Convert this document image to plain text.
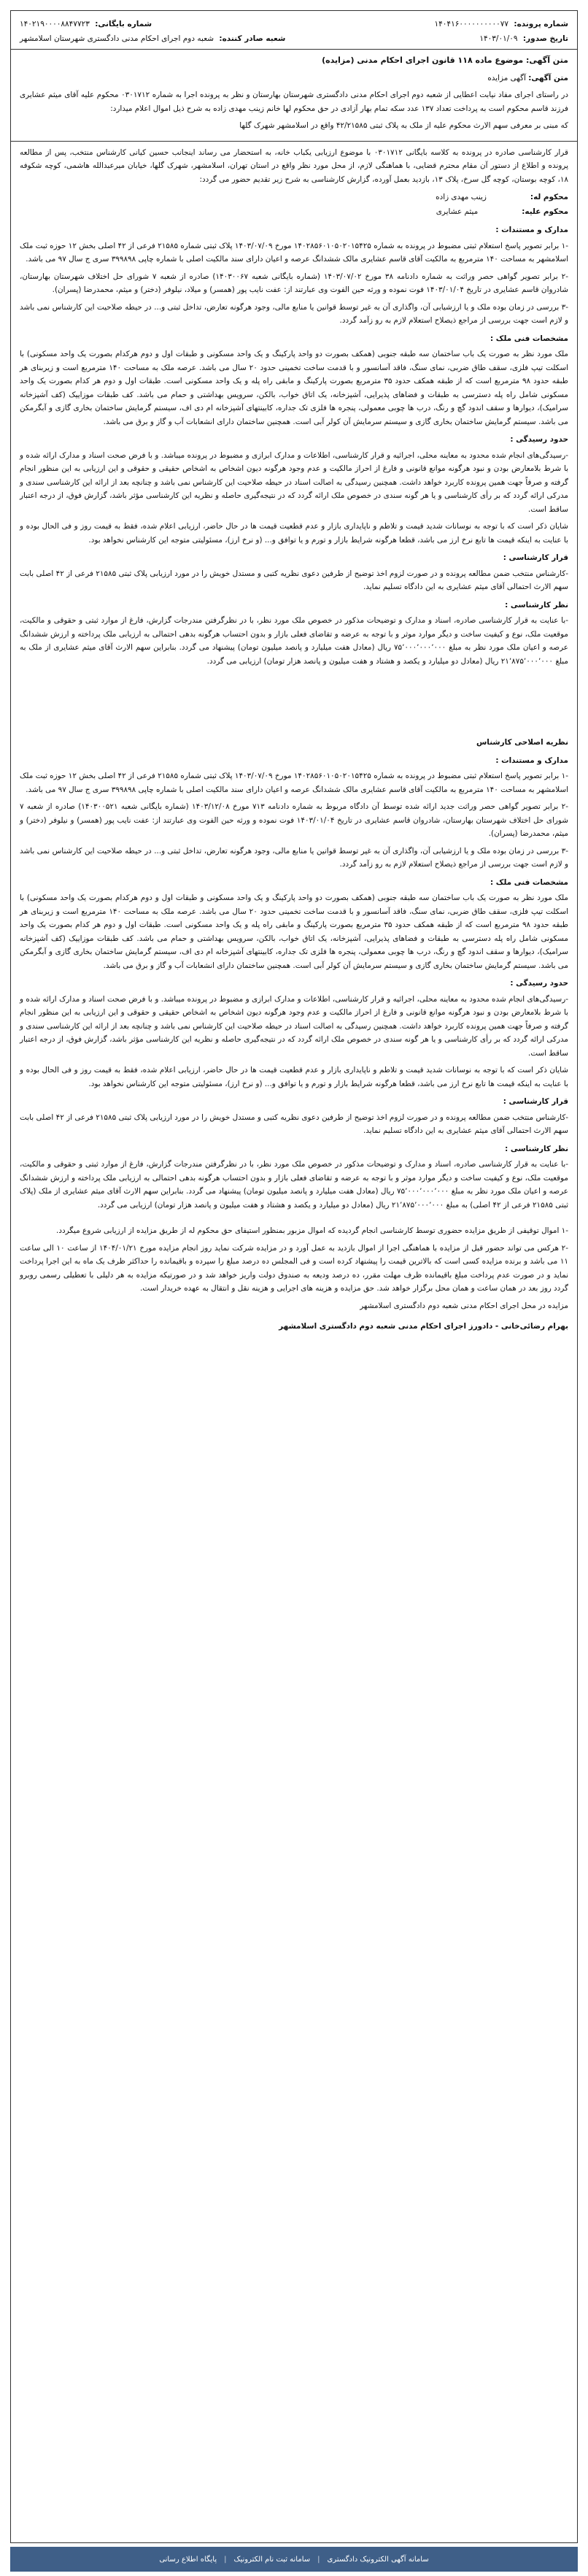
شماره پرونده: ۱۴۰۴۱۶۰۰۰۰۰۰۰۰۰۰۷۷
شماره بایگانی: ۱۴۰۲۱۹۰۰۰۰۸۸۴۷۷۲۳
تاریخ صدور: ۱۴۰۳/۰۱/۰۹
شعبه صادر کننده: شعبه دوم اجرای احکام مدنی دادگستری شهرستان اسلامشهر

متن آگهی: موضوع ماده ۱۱۸ قانون اجرای احکام مدنی (مزایده)

متن آگهی: آگهی مزایده

در راستای اجرای مفاد نیابت اعطایی از شعبه دوم اجرای احکام مدنی دادگستری شهرستان بهارستان و نظر به پرونده اجرا به شماره ۰۳۰۱۷۱۲ محکوم علیه آقای میثم عشایری فرزند قاسم محکوم است به پرداخت تعداد ۱۳۷ عدد سکه تمام بهار آزادی در حق محکوم لها خانم زینب مهدی زاده به شرح ذیل اموال اعلام میدارد:

که مبنی بر معرفی سهم الارث محکوم علیه از ملک به پلاک ثبتی ۴۲/۲۱۵۸۵ واقع در اسلامشهر شهرک گلها

قرار کارشناسی صادره در پرونده به کلاسه بایگانی ۰۳۰۱۷۱۲ با موضوع ارزیابی یکباب خانه، به استحضار می رساند اینجانب حسین کیانی کارشناس منتخب، پس از مطالعه پرونده و اطلاع از دستور آن مقام محترم قضایی، با هماهنگی لازم، از محل مورد نظر واقع در استان تهران، اسلامشهر، شهرک گلها، خیابان میرعبدالله هاشمی، کوچه شکوفه ۱۸، کوچه بوستان، کوچه گل سرخ، پلاک ۱۳، بازدید بعمل آورده، گزارش کارشناسی به شرح زیر تقدیم حضور می گردد:

محکوم له:
زینب مهدی زاده
محکوم علیه:
میثم عشایری
مدارک و مستندات :

-۱ برابر تصویر پاسخ استعلام ثبتی مضبوط در پرونده به شماره ۱۴۰۲۸۵۶۰۱۰۵۰۲۰۱۵۴۲۵ مورخ ۱۴۰۳/۰۷/۰۹ پلاک ثبتی شماره ۲۱۵۸۵ فرعی از ۴۲ اصلی بخش ۱۲ حوزه ثبت ملک اسلامشهر به مساحت ۱۴۰ مترمربع به مالکیت آقای قاسم عشایری مالک ششدانگ عرصه و اعیان دارای سند مالکیت اصلی با شماره چاپی ۳۹۹۸۹۸ سری ج سال ۹۷ می باشد.

-۲ برابر تصویر گواهی حصر وراثت به شماره دادنامه ۳۸ مورخ ۱۴۰۳/۰۷/۰۲ (شماره بایگانی شعبه ۱۴۰۳۰۰۶۷) صادره از شعبه ۷ شورای حل اختلاف شهرستان بهارستان، شادروان قاسم عشایری در تاریخ ۱۴۰۳/۰۱/۰۴ فوت نموده و ورثه حین الفوت وی عبارتند از: عفت نایب پور (همسر) و میلاد، نیلوفر (دختر) و میثم، محمدرضا (پسران).

-۳ بررسی در زمان بوده ملک و یا ارزشیابی آن، واگذاری آن به غیر توسط قوانین یا منابع مالی، وجود هرگونه تعارض، تداخل ثبتی و... در حیطه صلاحیت این کارشناس نمی باشد و لازم است جهت بررسی از مراجع ذیصلاح استعلام لازم به رو زآمد گردد.

مشخصات فنی ملک :

ملک مورد نظر به صورت یک باب ساختمان سه طبقه جنوبی (همکف بصورت دو واحد پارکینگ و یک واحد مسکونی و طبقات اول و دوم هرکدام بصورت یک واحد مسکونی) با اسکلت تیپ فلزی، سقف طاق ضربی، نمای سنگ، فاقد آسانسور و با قدمت ساخت تخمینی حدود ۲۰ سال می باشد. عرصه ملک به مساحت ۱۴۰ مترمربع است و زیربنای هر طبقه حدود ۹۸ مترمربع است که از طبقه همکف حدود ۳۵ مترمربع بصورت پارکینگ و مابقی راه پله و یک واحد مسکونی است. طبقات اول و دوم هر کدام بصورت یک واحد مسکونی شامل راه پله دسترسی به طبقات و فضاهای پذیرایی، آشپزخانه، یک اتاق خواب، بالکن، سرویس بهداشتی و حمام می باشد. کف طبقات موزاییک (کف آشپزخانه سرامیک)، دیوارها و سقف اندود گچ و رنگ، درب ها چوبی معمولی، پنجره ها فلزی تک جداره، کابینتهای آشپزخانه ام دی اف، سیستم گرمایش ساختمان بخاری گازی و آبگرمکن می باشد. سیستم گرمایش ساختمان بخاری گازی و سیستم سرمایش آن کولر آبی است. همچنین ساختمان دارای انشعابات آب و گاز و برق می باشد.

حدود رسیدگی :

-رسیدگی‌های انجام شده محدود به معاینه محلی، اجرائیه و قرار کارشناسی، اطلاعات و مدارک ابرازی و مضبوط در پرونده میباشد. و با فرض صحت اسناد و مدارک ارائه شده و با شرط بلامعارض بودن و نبود هرگونه موانع قانونی و فارغ از احراز مالکیت و عدم وجود هرگونه دیون اشخاص به اشخاص حقیقی و حقوقی و این ارزیابی به این منظور انجام گرفته و صرفاً جهت همین پرونده کاربرد خواهد داشت. همچنین رسیدگی به اصالت اسناد در حیطه صلاحیت این کارشناس نمی باشد و چنانچه بعد از ارائه این کارشناسی سندی و مدرکی ارائه گردد که بر رأی کارشناسی و یا هر گونه سندی در خصوص ملک ارائه گردد که در نتیجه‌گیری حاصله و نظریه این کارشناسی مؤثر باشد، گزارش فوق، از درجه اعتبار ساقط است.

شایان ذکر است که با توجه به نوسانات شدید قیمت و تلاطم و ناپایداری بازار و عدم قطعیت قیمت ها در حال حاضر، ارزیابی اعلام شده، فقط به قیمت روز و فی الحال بوده و با عنایت به اینکه قیمت ها تابع نرخ ارز می باشد، قطعا هرگونه شرایط بازار و تورم و یا توافق و... (و نرخ ارز)، مسئولیتی متوجه این کارشناس نخواهد بود.

قرار کارشناسی :

-کارشناس منتخب ضمن مطالعه پرونده و در صورت لزوم اخذ توضیح از طرفین دعوی نظریه کتبی و مستدل خویش را در مورد ارزیابی پلاک ثبتی ۲۱۵۸۵ فرعی از ۴۲ اصلی بابت سهم الارث احتمالی آقای میثم عشایری به این دادگاه تسلیم نماید.

نظر کارشناسی :

-با عنایت به قرار کارشناسی صادره، اسناد و مدارک و توضیحات مذکور در خصوص ملک مورد نظر، با در نظرگرفتن مندرجات گزارش، فارغ از موارد ثبتی و حقوقی و مالکیت، موقعیت ملک، نوع و کیفیت ساخت و دیگر موارد موثر و با توجه به عرضه و تقاضای فعلی بازار و بدون احتساب هرگونه بدهی احتمالی به ارزیابی ملک پرداخته و ارزش ششدانگ عرصه و اعیان ملک مورد نظر به مبلغ ۷۵٬۰۰۰٬۰۰۰٬۰۰۰ ریال (معادل هفت میلیارد و پانصد میلیون تومان) پیشنهاد می گردد. بنابراین سهم الارث آقای میثم عشایری از ملک به مبلغ ۲۱٬۸۷۵٬۰۰۰٬۰۰۰ ریال (معادل دو میلیارد و یکصد و هشتاد و هفت میلیون و پانصد هزار تومان) ارزیابی می گردد.

نظریه اصلاحی کارشناس
مدارک و مستندات :

-۱ برابر تصویر پاسخ استعلام ثبتی مضبوط در پرونده به شماره ۱۴۰۲۸۵۶۰۱۰۵۰۲۰۱۵۴۲۵ مورخ ۱۴۰۳/۰۷/۰۹ پلاک ثبتی شماره ۲۱۵۸۵ فرعی از ۴۲ اصلی بخش ۱۲ حوزه ثبت ملک اسلامشهر به مساحت ۱۴۰ مترمربع به مالکیت آقای قاسم عشایری مالک ششدانگ عرصه و اعیان دارای سند مالکیت اصلی با شماره چاپی ۳۹۹۸۹۸ سری ج سال ۹۷ می باشد.

-۲ برابر تصویر گواهی حصر وراثت جدید ارائه شده توسط آن دادگاه مربوط به شماره دادنامه ۷۱۳ مورخ ۱۴۰۳/۱۲/۰۸ (شماره بایگانی شعبه ۱۴۰۳۰۰۵۲۱) صادره از شعبه ۷ شورای حل اختلاف شهرستان بهارستان، شادروان قاسم عشایری در تاریخ ۱۴۰۳/۰۱/۰۴ فوت نموده و ورثه حین الفوت وی عبارتند از: عفت نایب پور (همسر) و نیلوفر (دختر) و میثم، محمدرضا (پسران).

-۳ بررسی در زمان بوده ملک و یا ارزشیابی آن، واگذاری آن به غیر توسط قوانین یا منابع مالی، وجود هرگونه تعارض، تداخل ثبتی و... در حیطه صلاحیت این کارشناس نمی باشد و لازم است جهت بررسی از مراجع ذیصلاح استعلام لازم به رو زآمد گردد.

مشخصات فنی ملک :

ملک مورد نظر به صورت یک باب ساختمان سه طبقه جنوبی (همکف بصورت دو واحد پارکینگ و یک واحد مسکونی و طبقات اول و دوم هرکدام بصورت یک واحد مسکونی) با اسکلت تیپ فلزی، سقف طاق ضربی، نمای سنگ، فاقد آسانسور و با قدمت ساخت تخمینی حدود ۲۰ سال می باشد. عرصه ملک به مساحت ۱۴۰ مترمربع است و زیربنای هر طبقه حدود ۹۸ مترمربع است که از طبقه همکف حدود ۳۵ مترمربع بصورت پارکینگ و مابقی راه پله و یک واحد مسکونی است. طبقات اول و دوم هر کدام بصورت یک واحد مسکونی شامل راه پله دسترسی به طبقات و فضاهای پذیرایی، آشپزخانه، یک اتاق خواب، بالکن، سرویس بهداشتی و حمام می باشد. کف طبقات موزاییک (کف آشپزخانه سرامیک)، دیوارها و سقف اندود گچ و رنگ، درب ها چوبی معمولی، پنجره ها فلزی تک جداره، کابینتهای آشپزخانه ام دی اف، سیستم گرمایش ساختمان بخاری گازی و آبگرمکن می باشد. سیستم گرمایش ساختمان بخاری گازی و سیستم سرمایش آن کولر آبی است. همچنین ساختمان دارای انشعابات آب و گاز و برق می باشد.

حدود رسیدگی :

-رسیدگی‌های انجام شده محدود به معاینه محلی، اجرائیه و قرار کارشناسی، اطلاعات و مدارک ابرازی و مضبوط در پرونده میباشد. و با فرض صحت اسناد و مدارک ارائه شده و با شرط بلامعارض بودن و نبود هرگونه موانع قانونی و فارغ از احراز مالکیت و عدم وجود هرگونه دیون اشخاص به اشخاص حقیقی و حقوقی و این ارزیابی به این منظور انجام گرفته و صرفاً جهت همین پرونده کاربرد خواهد داشت. همچنین رسیدگی به اصالت اسناد در حیطه صلاحیت این کارشناس نمی باشد و چنانچه بعد از ارائه این کارشناسی سندی و مدرکی ارائه گردد که بر رأی کارشناسی و یا هر گونه سندی در خصوص ملک ارائه گردد که در نتیجه‌گیری حاصله و نظریه این کارشناسی مؤثر باشد، گزارش فوق، از درجه اعتبار ساقط است.

شایان ذکر است که با توجه به نوسانات شدید قیمت و تلاطم و ناپایداری بازار و عدم قطعیت قیمت ها در حال حاضر، ارزیابی اعلام شده، فقط به قیمت روز و فی الحال بوده و با عنایت به اینکه قیمت ها تابع نرخ ارز می باشد، قطعا هرگونه شرایط بازار و تورم و یا توافق و... (و نرخ ارز)، مسئولیتی متوجه این کارشناس نخواهد بود.

قرار کارشناسی :

-کارشناس منتخب ضمن مطالعه پرونده و در صورت لزوم اخذ توضیح از طرفین دعوی نظریه کتبی و مستدل خویش را در مورد ارزیابی پلاک ثبتی ۲۱۵۸۵ فرعی از ۴۲ اصلی بابت سهم الارث احتمالی آقای میثم عشایری به این دادگاه تسلیم نماید.

نظر کارشناسی :

-با عنایت به قرار کارشناسی صادره، اسناد و مدارک و توضیحات مذکور در خصوص ملک مورد نظر، با در نظرگرفتن مندرجات گزارش، فارغ از موارد ثبتی و حقوقی و مالکیت، موقعیت ملک، نوع و کیفیت ساخت و دیگر موارد موثر و با توجه به عرضه و تقاضای فعلی بازار و بدون احتساب هرگونه بدهی احتمالی به ارزیابی ملک پرداخته و ارزش ششدانگ عرصه و اعیان ملک مورد نظر به مبلغ ۷۵٬۰۰۰٬۰۰۰٬۰۰۰ ریال (معادل هفت میلیارد و پانصد میلیون تومان) پیشنهاد می گردد. بنابراین سهم الارث آقای میثم عشایری از ملک (پلاک ثبتی ۲۱۵۸۵ فرعی از ۴۲ اصلی) به مبلغ ۲۱٬۸۷۵٬۰۰۰٬۰۰۰ ریال (معادل دو میلیارد و یکصد و هشتاد و هفت میلیون و پانصد هزار تومان) ارزیابی می گردد.

-۱ اموال توقیفی از طریق مزایده حضوری توسط کارشناسی انجام گردیده که اموال مزبور بمنظور استیفای حق محکوم له از طریق مزایده از ارزیابی شروع میگردد.

-۲ هرکس می تواند حضور قبل از مزایده با هماهنگی اجرا از اموال بازدید به عمل آورد و در مزایده شرکت نماید روز انجام مزایده مورخ ۱۴۰۴/۰۱/۲۱ از ساعت ۱۰ الی ساعت ۱۱ می باشد و برنده مزایده کسی است که بالاترین قیمت را پیشنهاد کرده است و فی المجلس ده درصد مبلغ را سپرده و باقیمانده را حداکثر ظرف یک ماه به این اجرا پرداخت نماید و در صورت عدم پرداخت مبلغ باقیمانده ظرف مهلت مقرر، ده درصد ودیعه به صندوق دولت واریز خواهد شد و در صورتیکه مزایده به هر دلیلی با تعطیلی رسمی روبرو گردد روز بعد در همان ساعت و همان محل برگزار خواهد شد. حق مزایده و هزینه های اجرایی و هزینه نقل و انتقال به عهده خریدار است.

مزایده در محل اجرای احکام مدنی شعبه دوم دادگستری اسلامشهر

بهرام رضائی‌خانی - دادورز اجرای احکام مدنی شعبه دوم دادگستری اسلامشهر

سامانه آگهی الکترونیک دادگستری
|
سامانه ثبت نام الکترونیک
|
پایگاه اطلاع رسانی
